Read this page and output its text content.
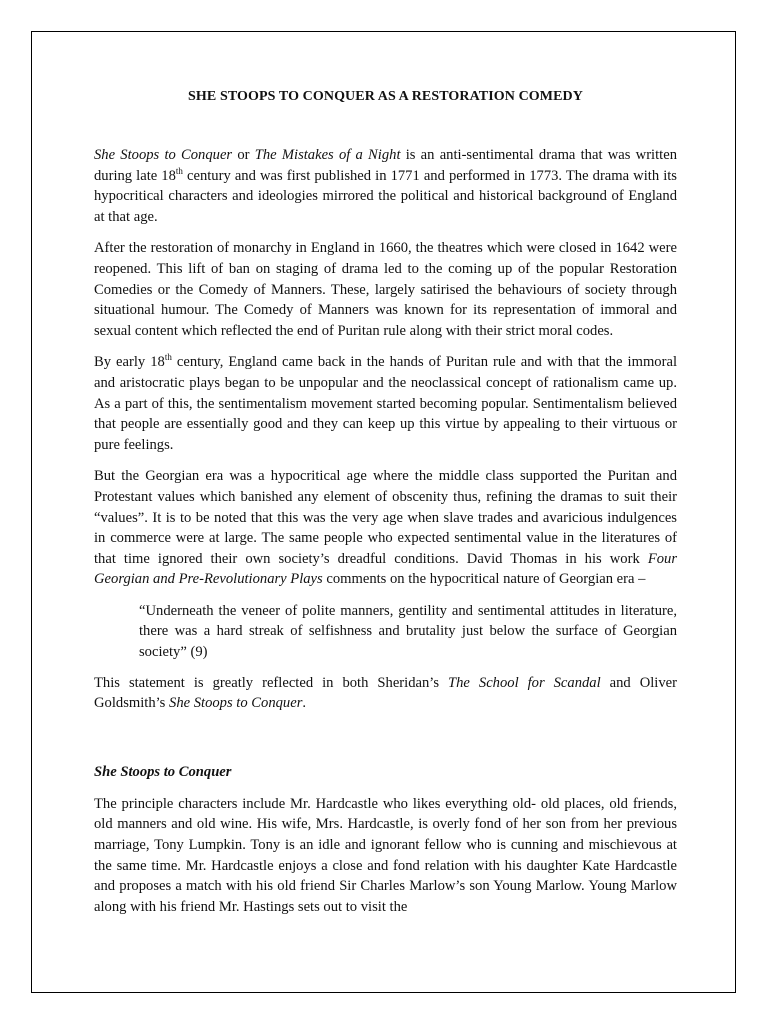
SHE STOOPS TO CONQUER AS A RESTORATION COMEDY

She Stoops to Conquer or The Mistakes of a Night is an anti-sentimental drama that was written during late 18th century and was first published in 1771 and performed in 1773. The drama with its hypocritical characters and ideologies mirrored the political and historical background of England at that age.

After the restoration of monarchy in England in 1660, the theatres which were closed in 1642 were reopened. This lift of ban on staging of drama led to the coming up of the popular Restoration Comedies or the Comedy of Manners. These, largely satirised the behaviours of society through situational humour. The Comedy of Manners was known for its representation of immoral and sexual content which reflected the end of Puritan rule along with their strict moral codes.

By early 18th century, England came back in the hands of Puritan rule and with that the immoral and aristocratic plays began to be unpopular and the neoclassical concept of rationalism came up. As a part of this, the sentimentalism movement started becoming popular. Sentimentalism believed that people are essentially good and they can keep up this virtue by appealing to their virtuous or pure feelings.

But the Georgian era was a hypocritical age where the middle class supported the Puritan and Protestant values which banished any element of obscenity thus, refining the dramas to suit their “values”. It is to be noted that this was the very age when slave trades and avaricious indulgences in commerce were at large. The same people who expected sentimental value in the literatures of that time ignored their own society’s dreadful conditions. David Thomas in his work Four Georgian and Pre-Revolutionary Plays comments on the hypocritical nature of Georgian era –

“Underneath the veneer of polite manners, gentility and sentimental attitudes in literature, there was a hard streak of selfishness and brutality just below the surface of Georgian society” (9)

This statement is greatly reflected in both Sheridan’s The School for Scandal and Oliver Goldsmith’s She Stoops to Conquer.

She Stoops to Conquer

The principle characters include Mr. Hardcastle who likes everything old- old places, old friends, old manners and old wine. His wife, Mrs. Hardcastle, is overly fond of her son from her previous marriage, Tony Lumpkin. Tony is an idle and ignorant fellow who is cunning and mischievous at the same time. Mr. Hardcastle enjoys a close and fond relation with his daughter Kate Hardcastle and proposes a match with his old friend Sir Charles Marlow’s son Young Marlow. Young Marlow along with his friend Mr. Hastings sets out to visit the
